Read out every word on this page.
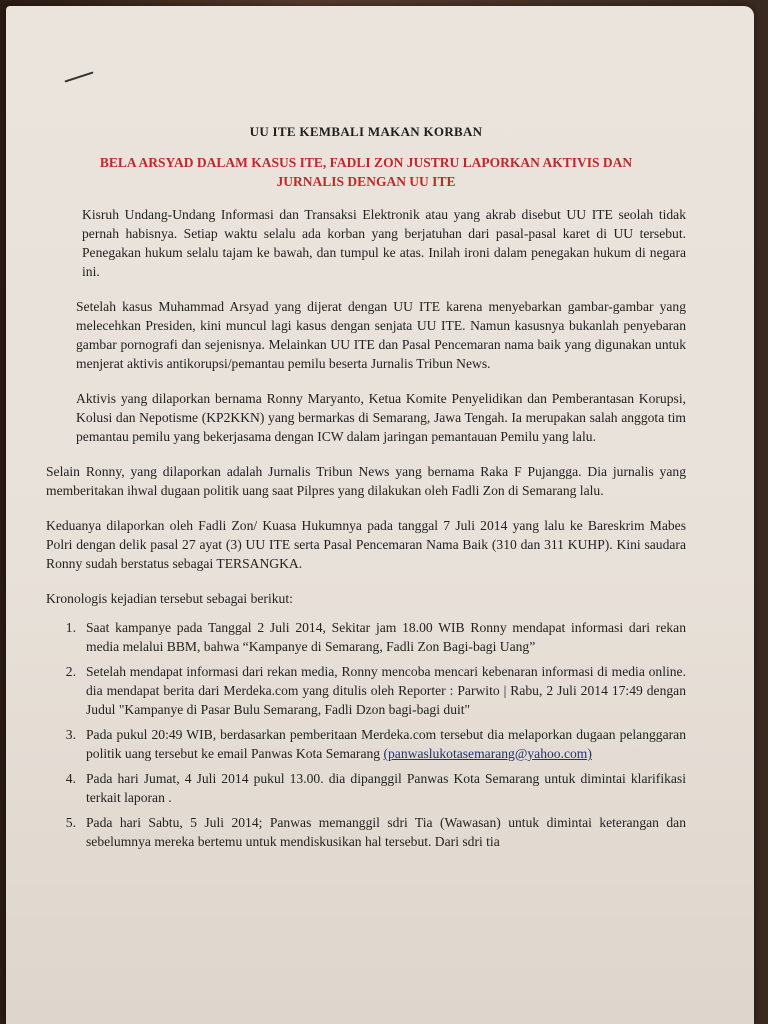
UU ITE KEMBALI MAKAN KORBAN
BELA ARSYAD DALAM KASUS ITE, FADLI ZON JUSTRU LAPORKAN AKTIVIS DAN JURNALIS DENGAN UU ITE

Kisruh Undang-Undang Informasi dan Transaksi Elektronik atau yang akrab disebut UU ITE seolah tidak pernah habisnya. Setiap waktu selalu ada korban yang berjatuhan dari pasal-pasal karet di UU tersebut. Penegakan hukum selalu tajam ke bawah, dan tumpul ke atas. Inilah ironi dalam penegakan hukum di negara ini.

Setelah kasus Muhammad Arsyad yang dijerat dengan UU ITE karena menyebarkan gambar-gambar yang melecehkan Presiden, kini muncul lagi kasus dengan senjata UU ITE. Namun kasusnya bukanlah penyebaran gambar pornografi dan sejenisnya. Melainkan UU ITE dan Pasal Pencemaran nama baik yang digunakan untuk menjerat aktivis antikorupsi/pemantau pemilu beserta Jurnalis Tribun News.

Aktivis yang dilaporkan bernama Ronny Maryanto, Ketua Komite Penyelidikan dan Pemberantasan Korupsi, Kolusi dan Nepotisme (KP2KKN) yang bermarkas di Semarang, Jawa Tengah. Ia merupakan salah anggota tim pemantau pemilu yang bekerjasama dengan ICW dalam jaringan pemantauan Pemilu yang lalu.

Selain Ronny, yang dilaporkan adalah Jurnalis Tribun News yang bernama Raka F Pujangga. Dia jurnalis yang memberitakan ihwal dugaan politik uang saat Pilpres yang dilakukan oleh Fadli Zon di Semarang lalu.

Keduanya dilaporkan oleh Fadli Zon/ Kuasa Hukumnya pada tanggal 7 Juli 2014 yang lalu ke Bareskrim Mabes Polri dengan delik pasal 27 ayat (3) UU ITE serta Pasal Pencemaran Nama Baik (310 dan 311 KUHP). Kini saudara Ronny sudah berstatus sebagai TERSANGKA.

Kronologis kejadian tersebut sebagai berikut:

1. Saat kampanye pada Tanggal 2 Juli 2014, Sekitar jam 18.00 WIB Ronny mendapat informasi dari rekan media melalui BBM, bahwa “Kampanye di Semarang, Fadli Zon Bagi-bagi Uang”
2. Setelah mendapat informasi dari rekan media, Ronny mencoba mencari kebenaran informasi di media online. dia mendapat berita dari Merdeka.com yang ditulis oleh Reporter : Parwito | Rabu, 2 Juli 2014 17:49 dengan Judul "Kampanye di Pasar Bulu Semarang, Fadli Dzon bagi-bagi duit"
3. Pada pukul 20:49 WIB, berdasarkan pemberitaan Merdeka.com tersebut dia melaporkan dugaan pelanggaran politik uang tersebut ke email Panwas Kota Semarang (panwaslukotasemarang@yahoo.com)
4. Pada hari Jumat, 4 Juli 2014 pukul 13.00. dia dipanggil Panwas Kota Semarang untuk dimintai klarifikasi terkait laporan .
5. Pada hari Sabtu, 5 Juli 2014; Panwas memanggil sdri Tia (Wawasan) untuk dimintai keterangan dan sebelumnya mereka bertemu untuk mendiskusikan hal tersebut. Dari sdri tia
